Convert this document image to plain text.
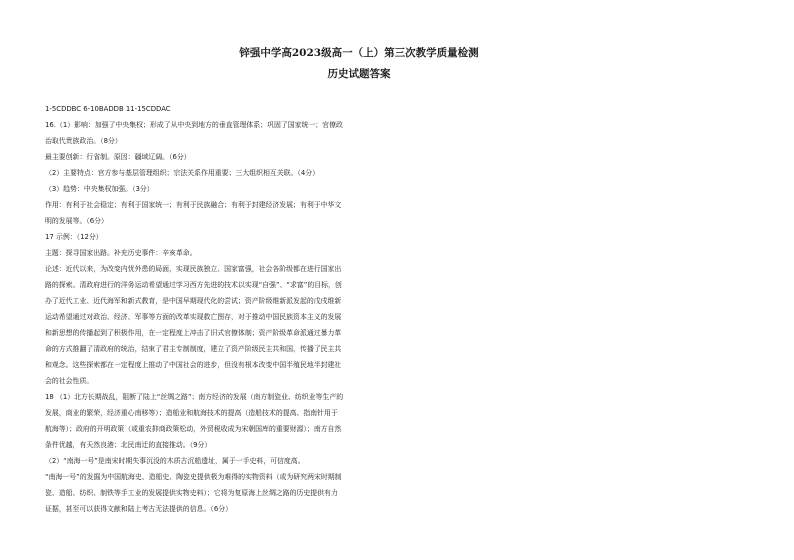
锌强中学高2023级高一（上）第三次教学质量检测
历史试题答案
1-5CDDBC 6-10BADDB 11-15CDDAC
16.（1）影响：加强了中央集权；形成了从中央到地方的垂直管理体系；巩固了国家统一；官僚政
治取代贵族政治。（8分）
最主要创新：行省制。原因：疆域辽阔。（6分）
（2）主要特点：官方参与基层管理组织；宗法关系作用重要；三大组织相互关联。（4分）
（3）趋势：中央集权加强。（3分）
作用：有利于社会稳定；有利于国家统一；有利于民族融合；有利于封建经济发展；有利于中华文
明的发展等。（6分）
17 示例：（12分）
主题：探寻国家出路。补充历史事件：辛亥革命。
论述：近代以来，为改变内忧外患的局面，实现民族独立、国家富强，社会各阶级都在进行国家出
路的探索。清政府进行的洋务运动希望通过学习西方先进的技术以实现“自强”、“求富”的目标，创
办了近代工业、近代海军和新式教育，是中国早期现代化的尝试；资产阶级维新派发起的戊戌维新
运动希望通过对政治、经济、军事等方面的改革实现救亡图存，对于推动中国民族资本主义的发展
和新思想的传播起到了积极作用，在一定程度上冲击了旧式官僚体制；资产阶级革命派通过暴力革
命的方式推翻了清政府的统治，结束了君主专制制度，建立了资产阶级民主共和国，传播了民主共
和观念。这些探索都在一定程度上推动了中国社会的进步，但没有根本改变中国半殖民地半封建社
会的社会性质。
18 （1）北方长期战乱，阻断了陆上“丝绸之路”；南方经济的发展（南方制瓷业、纺织业等生产的
发展，商业的繁荣，经济重心南移等）；造船业和航海技术的提高（造船技术的提高、指南针用于
航海等）；政府的开明政策（或重农抑商政策松动，外贸税收成为宋朝国库的重要财源）；南方自然
条件优越，有天然良港；北民南迁的直接推动。（9分）
（2）“南海一号”是南宋时期失事沉没的木质古沉船遗址，属于一手史料，可信度高。
“南海一号”的发掘为中国航海史、造船史、陶瓷史提供极为难得的实物资料（或为研究两宋时期制
瓷、造船、纺织、制铁等手工业的发展提供实物史料）；它将为复原海上丝绸之路的历史提供有力
证据，甚至可以获得文献和陆上考古无法提供的信息。（6分）
